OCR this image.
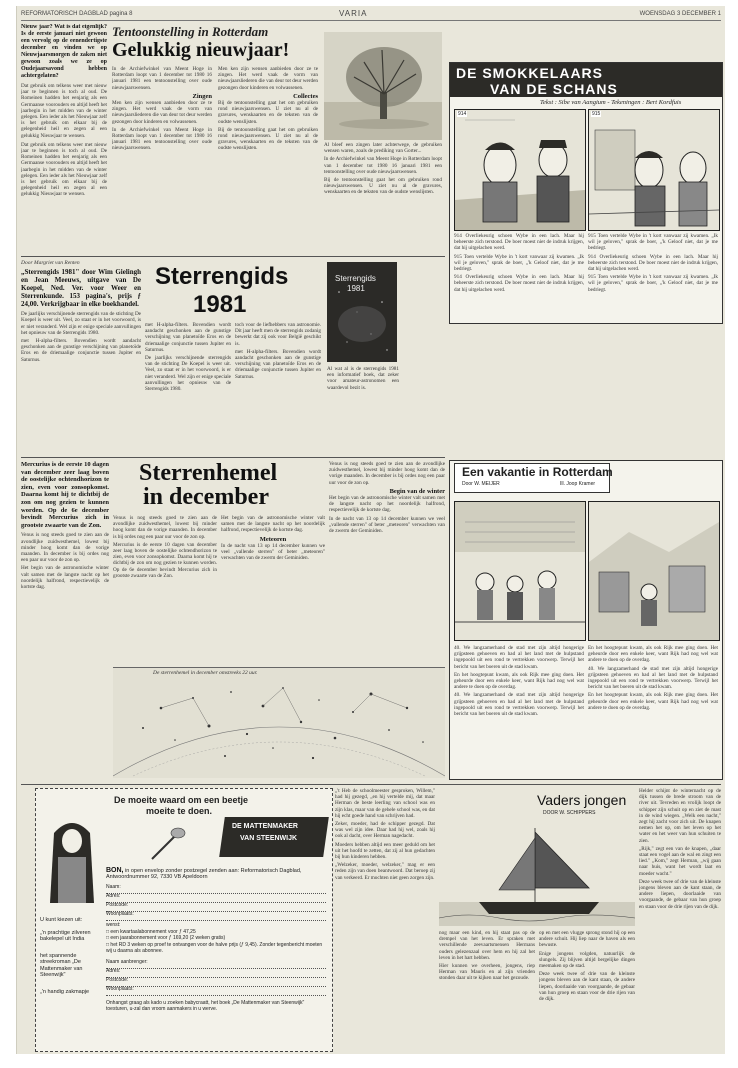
REFORMATORISCH DAGBLAD pagina 8	VARIA	WOENSDAG 3 DECEMBER 1
Nieuw jaar? Wat is dat eigenlijk? Is de eerste januari niet gewoon een vervolg op de eenendertigste december en vinden we op Nieuwjaarsmorgen de zaken niet gewoon zoals we ze op Oudejaarsavond hebben achtergelaten?
Dat gebruik om telkens weer met nieuw jaar te beginnen is toch al oud. De Romeinen hadden het eenjarig als een Germaanse voorouders en altijd heeft het jaarbegin in het midden van de winter gelegen. Een ieder als het Nieuwjaar zelf is het gebruik om elkaar bij de gelegenheid heil en zegen al een gelukkig Nieuwjaar te wensen.
Dat gebruik om telkens weer met nieuw jaar te beginnen is toch al oud. De Romeinen hadden het eenjarig als een Germaanse voorouders en altijd heeft het jaarbegin in het midden van de winter gelegen. Een ieder als het Nieuwjaar zelf is het gebruik om elkaar bij de gelegenheid heil en zegen al een gelukkig Nieuwjaar te wensen.
Tentoonstelling in Rotterdam
Gelukkig nieuwjaar!
In de Archiefwinkel van Meent Hoge in Rotterdam loopt van 1 december tot 1980 16 januari 1981 een tentoonstelling over oude nieuwjaarswensen.
Zingen
Men ken zijn wensen aanbieden door ze te zingen. Het werd vaak de vorm van nieuwjaarsliederen die van deur tot deur werden gezongen door kinderen en volwassenen.
In de Archiefwinkel van Meent Hoge in Rotterdam loopt van 1 december tot 1980 16 januari 1981 een tentoonstelling over oude nieuwjaarswensen.
Men ken zijn wensen aanbieden door ze te zingen. Het werd vaak de vorm van nieuwjaarsliederen die van deur tot deur werden gezongen door kinderen en volwassenen.
Collectes
Bij de tentoonstelling gaat het om gebruiken rond nieuwjaarswensen. U ziet nu al de gravures, wenskaarten en de teksten van de oudste wenslijsten.
Bij de tentoonstelling gaat het om gebruiken rond nieuwjaarswensen. U ziet nu al de gravures, wenskaarten en de teksten van de oudste wenslijsten.
Al bleef een zingen later achterwege, de gebruiken wensen waren, zoals de prediking van Gorter...
In de Archiefwinkel van Meent Hoge in Rotterdam loopt van 1 december tot 1980 16 januari 1981 een tentoonstelling over oude nieuwjaarswensen.
Bij de tentoonstelling gaat het om gebruiken rond nieuwjaarswensen. U ziet nu al de gravures, wenskaarten en de teksten van de oudste wenslijsten.
Door Margriet van Renten
„Sterrengids 1981" door Wim Gielingh en Jean Meeuws, uitgave van De Koepel, Ned. Ver. voor Weer en Sterrenkunde. 153 pagina's, prijs ƒ 24,00. Verkrijgbaar in elke boekhandel.
De jaarlijks verschijnende sterrengids van de stichting De Koepel is weer uit. Veel, zo staat er in het voorwoord, is er niet veranderd. Wel zijn er enige speciale aanvullingen het opnieuw van de Sterrengids 1980.
met H-alpha-filters. Bovendien wordt aandacht geschonken aan de gunstige verschijning van planetoïde Eros en de driemaalige conjunctie tussen Jupiter en Saturnus.
Sterrengids
1981
Sterrengids
1981
met H-alpha-filters. Bovendien wordt aandacht geschonken aan de gunstige verschijning van planetoïde Eros en de driemaalige conjunctie tussen Jupiter en Saturnus.
De jaarlijks verschijnende sterrengids van de stichting De Koepel is weer uit. Veel, zo staat er in het voorwoord, is er niet veranderd. Wel zijn er enige speciale aanvullingen het opnieuw van de Sterrengids 1980.
toch voor de liefhebbers van astronomie. Dit jaar heeft men de sterrengids zodanig bewerkt dat zij ook voor België geschikt is.
met H-alpha-filters. Bovendien wordt aandacht geschonken aan de gunstige verschijning van planetoïde Eros en de driemaalige conjunctie tussen Jupiter en Saturnus.
Al wat al is de sterrengids 1981 een informatief boek, dat zeker voor amateur-astronomen een waardevol bezit is.
Mercurius is de eerste 10 dagen van december zeer laag boven de oostelijke ochtendhorizon te zien, even voor zonsopkomst. Daarna komt hij te dichtbij de zon om nog gezien te kunnen worden. Op de 6e december bevindt Mercurius zich in grootste zwaarte van de Zon.
Venus is nog steeds goed te zien aan de avondlijke zuidwesthemel, lowest bij minder hoog komt dan de vorige maanden. In december is bij ordes nog een paar uur voor de zon op.
Het begin van de astronomische winter valt samen met de langste nacht op het noordelijk halfrond, respectievelijk de kortste dag.
Sterrenhemel
in december
Venus is nog steeds goed te zien aan de avondlijke zuidwesthemel, lowest bij minder hoog komt dan de vorige maanden. In december is bij ordes nog een paar uur voor de zon op.
Mercurius is de eerste 10 dagen van december zeer laag boven de oostelijke ochtendhorizon te zien, even voor zonsopkomst. Daarna komt hij te dichtbij de zon om nog gezien te kunnen worden. Op de 6e december bevindt Mercurius zich in grootste zwaarte van de Zon.
Het begin van de astronomische winter valt samen met de langste nacht op het noordelijk halfrond, respectievelijk de kortste dag.
Meteoren
In de nacht van 13 op 14 december kunnen we veel „vallende sterren" of beter „meteoren" verwachten van de zwerm der Geminiden.
Venus is nog steeds goed te zien aan de avondlijke zuidwesthemel, lowest bij minder hoog komt dan de vorige maanden. In december is bij ordes nog een paar uur voor de zon op.
Begin van de winter
Het begin van de astronomische winter valt samen met de langste nacht op het noordelijk halfrond, respectievelijk de kortste dag.
In de nacht van 13 op 14 december kunnen we veel „vallende sterren" of beter „meteoren" verwachten van de zwerm der Geminiden.
De sterrenhemel in december omstreeks 22 uur.
DE SMOKKELAARS
VAN DE SCHANS
Tekst : Sibe van Aangium - Tekeningen : Bert Kordfuis
914	915
914 Overliekeurig schoen Wybe in een lach. Maar hij beheerste zich terstond. De boer moest niet de indruk krijgen, dat hij uitgelachen werd.
915 Toen vertelde Wybe in 't kort vanwaar zij kwamen. „Ik wil je geloven," sprak de boer, „'k Geloof niet, dat je me bedriegt.
914 Overliekeurig schoen Wybe in een lach. Maar hij beheerste zich terstond. De boer moest niet de indruk krijgen, dat hij uitgelachen werd.
915 Toen vertelde Wybe in 't kort vanwaar zij kwamen. „Ik wil je geloven," sprak de boer, „'k Geloof niet, dat je me bedriegt.
914 Overliekeurig schoen Wybe in een lach. Maar hij beheerste zich terstond. De boer moest niet de indruk krijgen, dat hij uitgelachen werd.
915 Toen vertelde Wybe in 't kort vanwaar zij kwamen. „Ik wil je geloven," sprak de boer, „'k Geloof niet, dat je me bedriegt.
Een vakantie in Rotterdam
Door W. MEIJER	Ill. Joop Kramer
40. We langzamerhand de stad met zijn altijd hongerige grijpsteen gehoeven en had al het land met de hulpstand ingepoold uit een rond te vertrekken voorwerp. Terwijl het bericht van het boeren uit de stad kwam.
En het hoogtepunt kwam, als ook Rijk mee ging doen. Het geheurde door een enkele keer, want Rijk had nog wel wat andere te doen op de overdag.
40. We langzamerhand de stad met zijn altijd hongerige grijpsteen gehoeven en had al het land met de hulpstand ingepoold uit een rond te vertrekken voorwerp. Terwijl het bericht van het boeren uit de stad kwam.
En het hoogtepunt kwam, als ook Rijk mee ging doen. Het geheurde door een enkele keer, want Rijk had nog wel wat andere te doen op de overdag.
40. We langzamerhand de stad met zijn altijd hongerige grijpsteen gehoeven en had al het land met de hulpstand ingepoold uit een rond te vertrekken voorwerp. Terwijl het bericht van het boeren uit de stad kwam.
En het hoogtepunt kwam, als ook Rijk mee ging doen. Het geheurde door een enkele keer, want Rijk had nog wel wat andere te doen op de overdag.
De moeite waard om een beetje
moeite te doen.
DE MATTENMAKER
VAN STEENWIJK
BON, in open envelop zonder postzegel zenden aan: Reformatorisch Dagblad, Antwoordnummer 92, 7330 VB Apeldoorn
Naam:
Adres:
Postcode:
Woonplaats:
wenst:
□ een kwartaalabonnement voor ƒ 47,25
□ een jaarabonnement voor ƒ 169,20 (2 weken gratis)
□ het RD 3 weken op proef te ontvangen voor de halve prijs (ƒ 9,45). Zonder tegenbericht moeten wij u daarna als abonnee.
Naam aanbrenger:
Adres:
Postcode:
Woonplaats:
Onhangst graag als kado u zoeken babycraatt, het boek „De Mattenmaker van Steenwijk" toesturen, u-zal dan vroom aanmakers in u werve.
U kunt kiezen uit:
„'n prachtige zilveren bakelepel uit India
het spannende streekroman „De Mattenmaker van Steenwijk"
„'n handig zakmapje
„'t Heb de schoolmeester gesproken, Willem," had hij gezegd, „en hij vertelde mij, dat maar Herman de beste leerling van school was en zijn klas, maar van de gehele school was, en dat hij echt goede hand van schrijven had.
Zeker, moeder, had de schipper gezegd. Dat was wel zijn idee. Daar had hij wel, zoals hij ook al dacht, over Herman nagedacht.
Moeders hebben altijd een meer geduld om het uit het hoofd te zetten, dat zij al hun gedachten bij hun kinderen hebben.
„Welzeker, moeder, welzeker," mag er een reden zijn van doen beantwoord. Dat beroep zij van verkeerd. Er mochten niet geen zorgen zijn.
Vaders jongen
DOOR W. SCHIPPERS
nog maar een kind, en hij staat pas op de drempel van het leven. Er spraken met verschillende zeevaartsmensen Hermans ouders gelezenzaal over hem en hij zal het leven in het hart hebben.
Hier kunnen we overheen, jongens, riep Herman van Mauris en al zijn vrienden stonden daar uit te kijken naar het gezoude.
op en met een vlugge sprong stond hij op een andere schuit. Hij liep naar de haven als een bewuste.
Enige jongens volgden, natuurlijk de slungels. Zij blijven altijd bergelijke dingen meemaken op de stad.
Deze week twee of drie van de kleinste jongens bleven aan de kant staan, de andere liepen, doorlaaide van voorgaande, de gebaar van hun groep en staan voor de drie rijen van de dijk.
Helder schijnt de winternacht op de dijk tussen de brede stroom van de river uit. Tevreden en vrolijk loopt de schipper zijn schuit op en ziet de mast in de wind wiegen. „Welk een nacht," zegt hij zacht voor zich uit. De knapen nemen het op, om het leven op het water en het weer van hun schuiten te zien.
„Rijk," zegt een van de knapen, „daar staat een vogel aan de wal en zingt een lied." „Kom," zegt Herman, „wij gaan naar huis, want het wordt laat en moeder wacht."
Deze week twee of drie van de kleinste jongens bleven aan de kant staan, de andere liepen, doorlaaide van voorgaande, de gebaar van hun groep en staan voor de drie rijen van de dijk.
